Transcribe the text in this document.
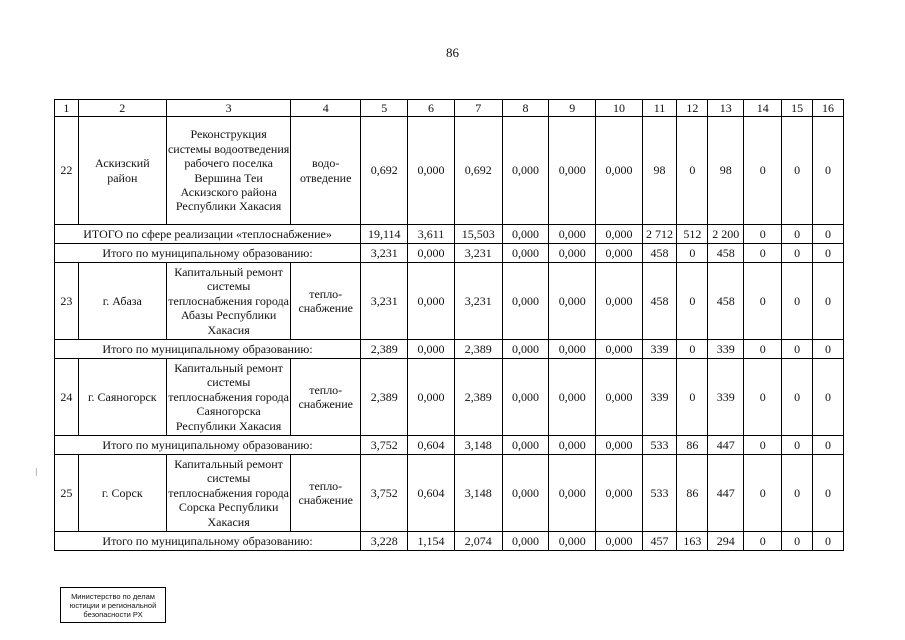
86
1	2	3	4	5	6	7	8	9	10	11	12	13	14	15	16
22	Аскизский район	Реконструкция системы водоотведения рабочего поселка Вершина Теи Аскизского района Республики Хакасия	водо-отведение	0,692	0,000	0,692	0,000	0,000	0,000	98	0	98	0	0	0
ИТОГО по сфере реализации «теплоснабжение»				19,114	3,611	15,503	0,000	0,000	0,000	2 712	512	2 200	0	0	0
Итого по муниципальному образованию:				3,231	0,000	3,231	0,000	0,000	0,000	458	0	458	0	0	0
23	г. Абаза	Капитальный ремонт системы теплоснабжения города Абазы Республики Хакасия	тепло-снабжение	3,231	0,000	3,231	0,000	0,000	0,000	458	0	458	0	0	0
Итого по муниципальному образованию:				2,389	0,000	2,389	0,000	0,000	0,000	339	0	339	0	0	0
24	г. Саяногорск	Капитальный ремонт системы теплоснабжения города Саяногорска Республики Хакасия	тепло-снабжение	2,389	0,000	2,389	0,000	0,000	0,000	339	0	339	0	0	0
Итого по муниципальному образованию:				3,752	0,604	3,148	0,000	0,000	0,000	533	86	447	0	0	0
25	г. Сорск	Капитальный ремонт системы теплоснабжения города Сорска Республики Хакасия	тепло-снабжение	3,752	0,604	3,148	0,000	0,000	0,000	533	86	447	0	0	0
Итого по муниципальному образованию:				3,228	1,154	2,074	0,000	0,000	0,000	457	163	294	0	0	0
Министерство по делам
юстиции и региональной
безопасности РХ
